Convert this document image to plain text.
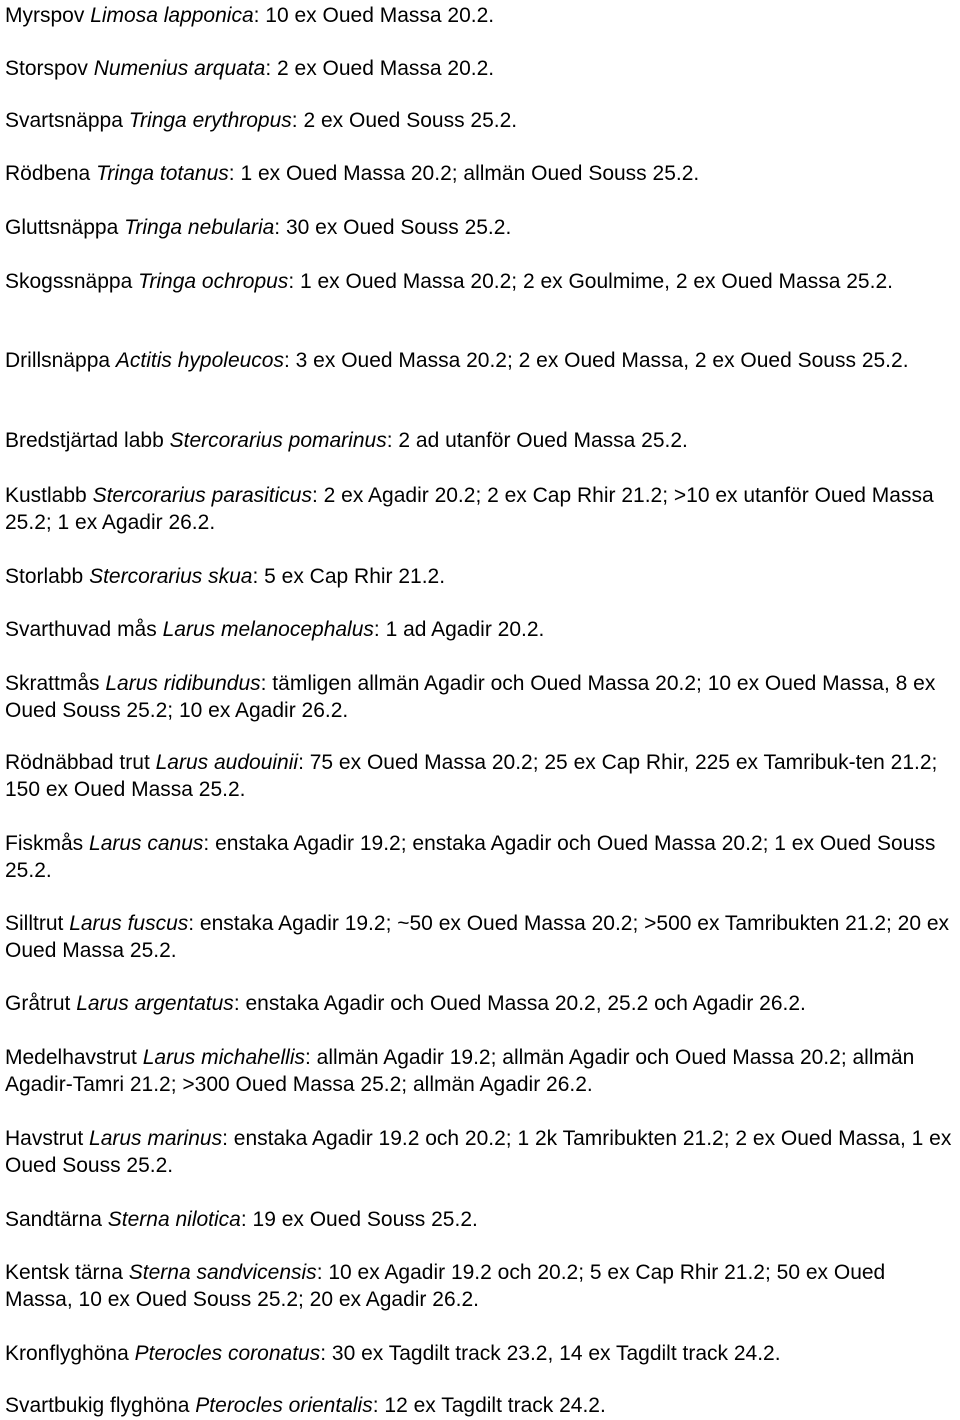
Myrspov Limosa lapponica: 10 ex Oued Massa 20.2.

Storspov Numenius arquata: 2 ex Oued Massa 20.2.

Svartsnäppa Tringa erythropus: 2 ex Oued Souss 25.2.

Rödbena Tringa totanus: 1 ex Oued Massa 20.2; allmän Oued Souss 25.2.

Gluttsnäppa Tringa nebularia: 30 ex Oued Souss 25.2.

Skogssnäppa Tringa ochropus: 1 ex Oued Massa 20.2; 2 ex Goulmime, 2 ex Oued Massa 25.2.

Drillsnäppa Actitis hypoleucos: 3 ex Oued Massa 20.2; 2 ex Oued Massa, 2 ex Oued Souss 25.2.

Bredstjärtad labb Stercorarius pomarinus: 2 ad utanför Oued Massa 25.2.

Kustlabb Stercorarius parasiticus: 2 ex Agadir 20.2; 2 ex Cap Rhir 21.2; >10 ex utanför Oued Massa 25.2; 1 ex Agadir 26.2.

Storlabb Stercorarius skua: 5 ex Cap Rhir 21.2.

Svarthuvad mås Larus melanocephalus: 1 ad Agadir 20.2.

Skrattmås Larus ridibundus: tämligen allmän Agadir och Oued Massa 20.2; 10 ex Oued Massa, 8 ex Oued Souss 25.2; 10 ex Agadir 26.2.

Rödnäbbad trut Larus audouinii: 75 ex Oued Massa 20.2; 25 ex Cap Rhir, 225 ex Tamribuk-ten 21.2; 150 ex Oued Massa 25.2.

Fiskmås Larus canus: enstaka Agadir 19.2; enstaka Agadir och Oued Massa 20.2; 1 ex Oued Souss 25.2.

Silltrut Larus fuscus: enstaka Agadir 19.2; ~50 ex Oued Massa 20.2; >500 ex Tamribukten 21.2; 20 ex Oued Massa 25.2.

Gråtrut Larus argentatus: enstaka Agadir och Oued Massa 20.2, 25.2 och Agadir 26.2.

Medelhavstrut Larus michahellis: allmän Agadir 19.2; allmän Agadir och Oued Massa 20.2; allmän Agadir-Tamri 21.2; >300 Oued Massa 25.2; allmän Agadir 26.2.

Havstrut Larus marinus: enstaka Agadir 19.2 och 20.2; 1 2k Tamribukten 21.2; 2 ex Oued Massa, 1 ex Oued Souss 25.2.

Sandtärna Sterna nilotica: 19 ex Oued Souss 25.2.

Kentsk tärna Sterna sandvicensis: 10 ex Agadir 19.2 och 20.2; 5 ex Cap Rhir 21.2; 50 ex Oued Massa, 10 ex Oued Souss 25.2; 20 ex Agadir 26.2.

Kronflyghöna Pterocles coronatus: 30 ex Tagdilt track 23.2, 14 ex Tagdilt track 24.2.

Svartbukig flyghöna Pterocles orientalis: 12 ex Tagdilt track 24.2.
